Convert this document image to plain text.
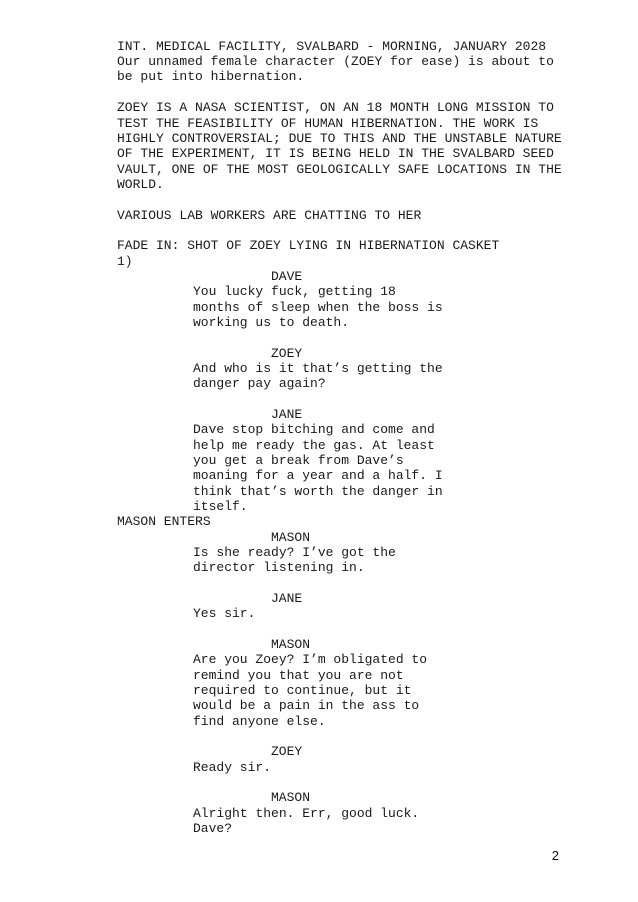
INT. MEDICAL FACILITY, SVALBARD - MORNING, JANUARY 2028
Our unnamed female character (ZOEY for ease) is about to
be put into hibernation.
ZOEY IS A NASA SCIENTIST, ON AN 18 MONTH LONG MISSION TO
TEST THE FEASIBILITY OF HUMAN HIBERNATION. THE WORK IS
HIGHLY CONTROVERSIAL; DUE TO THIS AND THE UNSTABLE NATURE
OF THE EXPERIMENT, IT IS BEING HELD IN THE SVALBARD SEED
VAULT, ONE OF THE MOST GEOLOGICALLY SAFE LOCATIONS IN THE
WORLD.
VARIOUS LAB WORKERS ARE CHATTING TO HER
FADE IN: SHOT OF ZOEY LYING IN HIBERNATION CASKET
1)
DAVE
You lucky fuck, getting 18
months of sleep when the boss is
working us to death.
ZOEY
And who is it that’s getting the
danger pay again?
JANE
Dave stop bitching and come and
help me ready the gas. At least
you get a break from Dave’s
moaning for a year and a half. I
think that’s worth the danger in
itself.
MASON ENTERS
MASON
Is she ready? I’ve got the
director listening in.
JANE
Yes sir.
MASON
Are you Zoey? I’m obligated to
remind you that you are not
required to continue, but it
would be a pain in the ass to
find anyone else.
ZOEY
Ready sir.
MASON
Alright then. Err, good luck.
Dave?
2
